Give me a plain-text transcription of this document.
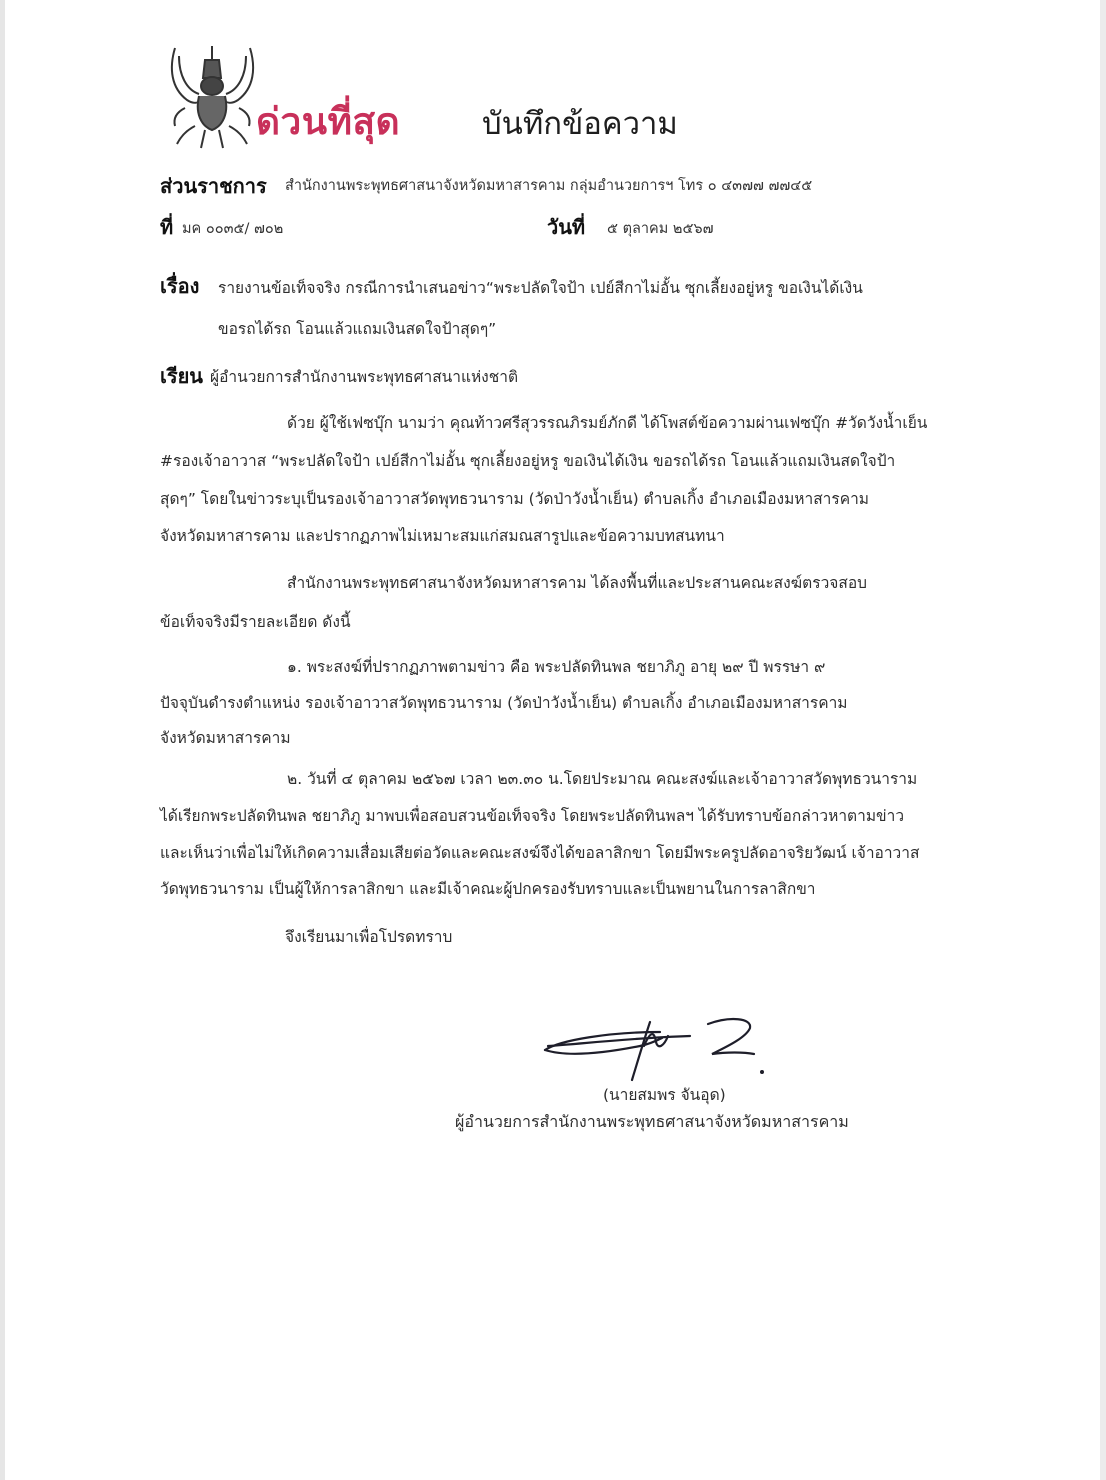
ด่วนที่สุด	บันทึกข้อความ
ส่วนราชการ สำนักงานพระพุทธศาสนาจังหวัดมหาสารคาม กลุ่มอำนวยการฯ โทร ๐ ๔๓๗๗ ๗๗๔๕
ที่ มค ๐๐๓๕/ ๗๐๒	วันที่ ๕ ตุลาคม ๒๕๖๗
เรื่อง รายงานข้อเท็จจริง กรณีการนำเสนอข่าว“พระปลัดใจป้า เปย์สีกาไม่อั้น ซุกเลี้ยงอยู่หรู ขอเงินได้เงิน
ขอรถได้รถ โอนแล้วแถมเงินสดใจป้าสุดๆ”
เรียน ผู้อำนวยการสำนักงานพระพุทธศาสนาแห่งชาติ
ด้วย ผู้ใช้เฟซบุ๊ก นามว่า คุณท้าวศรีสุวรรณภิรมย์ภักดี ได้โพสต์ข้อความผ่านเฟซบุ๊ก #วัดวังน้ำเย็น
#รองเจ้าอาวาส “พระปลัดใจป้า เปย์สีกาไม่อั้น ซุกเลี้ยงอยู่หรู ขอเงินได้เงิน ขอรถได้รถ โอนแล้วแถมเงินสดใจป้า
สุดๆ” โดยในข่าวระบุเป็นรองเจ้าอาวาสวัดพุทธวนาราม (วัดป่าวังน้ำเย็น) ตำบลเกิ้ง อำเภอเมืองมหาสารคาม
จังหวัดมหาสารคาม และปรากฏภาพไม่เหมาะสมแก่สมณสารูปและข้อความบทสนทนา
สำนักงานพระพุทธศาสนาจังหวัดมหาสารคาม ได้ลงพื้นที่และประสานคณะสงฆ์ตรวจสอบ
ข้อเท็จจริงมีรายละเอียด ดังนี้
๑. พระสงฆ์ที่ปรากฏภาพตามข่าว คือ พระปลัดทินพล ชยาภิภู อายุ ๒๙ ปี พรรษา ๙
ปัจจุบันดำรงตำแหน่ง รองเจ้าอาวาสวัดพุทธวนาราม (วัดป่าวังน้ำเย็น) ตำบลเกิ้ง อำเภอเมืองมหาสารคาม
จังหวัดมหาสารคาม
๒. วันที่ ๔ ตุลาคม ๒๕๖๗ เวลา ๒๓.๓๐ น.โดยประมาณ คณะสงฆ์และเจ้าอาวาสวัดพุทธวนาราม
ได้เรียกพระปลัดทินพล ชยาภิภู มาพบเพื่อสอบสวนข้อเท็จจริง โดยพระปลัดทินพลฯ ได้รับทราบข้อกล่าวหาตามข่าว
และเห็นว่าเพื่อไม่ให้เกิดความเสื่อมเสียต่อวัดและคณะสงฆ์จึงได้ขอลาสิกขา โดยมีพระครูปลัดอาจริยวัฒน์ เจ้าอาวาส
วัดพุทธวนาราม เป็นผู้ให้การลาสิกขา และมีเจ้าคณะผู้ปกครองรับทราบและเป็นพยานในการลาสิกขา
จึงเรียนมาเพื่อโปรดทราบ
(นายสมพร จันอุด)
ผู้อำนวยการสำนักงานพระพุทธศาสนาจังหวัดมหาสารคาม
